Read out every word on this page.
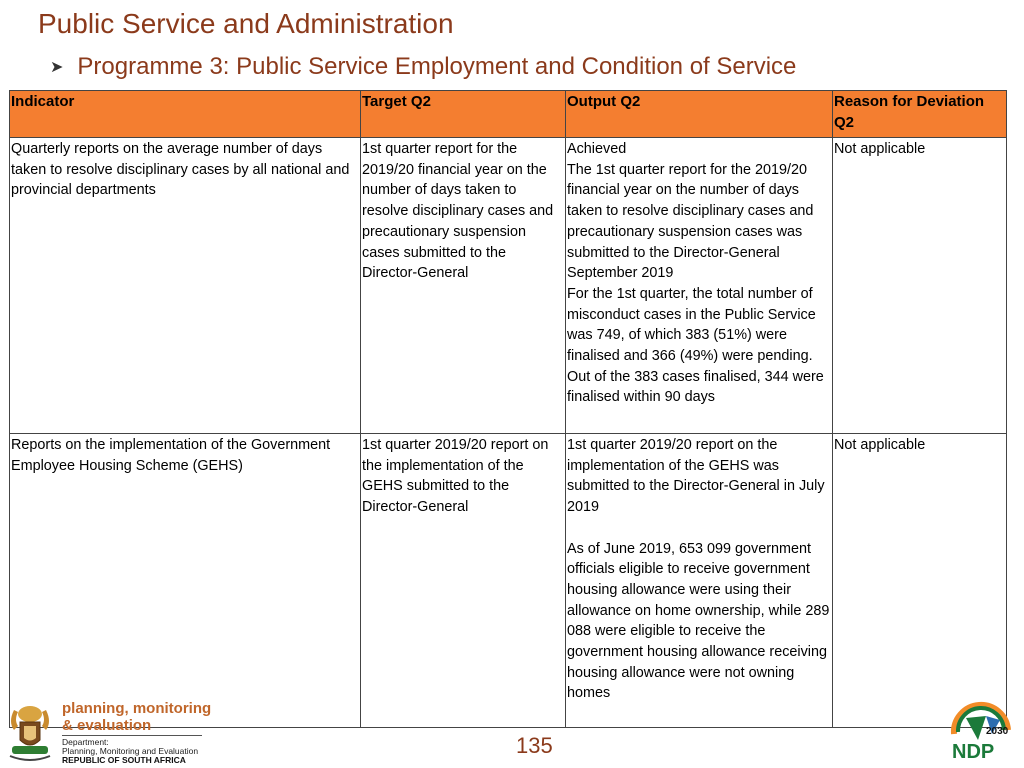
Public Service and Administration
➤ Programme 3: Public Service Employment and Condition of Service
Indicator	Target Q2	Output Q2	Reason for Deviation Q2
Quarterly reports on the average number of days taken to resolve disciplinary cases by all national and provincial departments	1st quarter report for the 2019/20 financial year on the number of days taken to resolve disciplinary cases and precautionary suspension cases submitted to the Director-General	Achieved
The 1st quarter report for the 2019/20 financial year on the number of days taken to resolve disciplinary cases and precautionary suspension cases was submitted to the Director-General September 2019
For the 1st quarter, the total number of misconduct cases in the Public Service was 749, of which 383 (51%) were finalised and 366 (49%) were pending.
Out of the 383 cases finalised, 344 were finalised within 90 days	Not applicable
Reports on the implementation of the Government Employee Housing Scheme (GEHS)	1st quarter 2019/20 report on the implementation of the GEHS submitted to the Director-General	1st quarter 2019/20 report on the implementation of the GEHS was submitted to the Director-General in July 2019
As of June 2019, 653 099 government officials eligible to receive government housing allowance were using their allowance on home ownership, while 289 088 were eligible to receive the government housing allowance receiving housing allowance were not owning homes	Not applicable
planning, monitoring
& evaluation
Department:
Planning, Monitoring and Evaluation
REPUBLIC OF SOUTH AFRICA
135
2030
NDP
